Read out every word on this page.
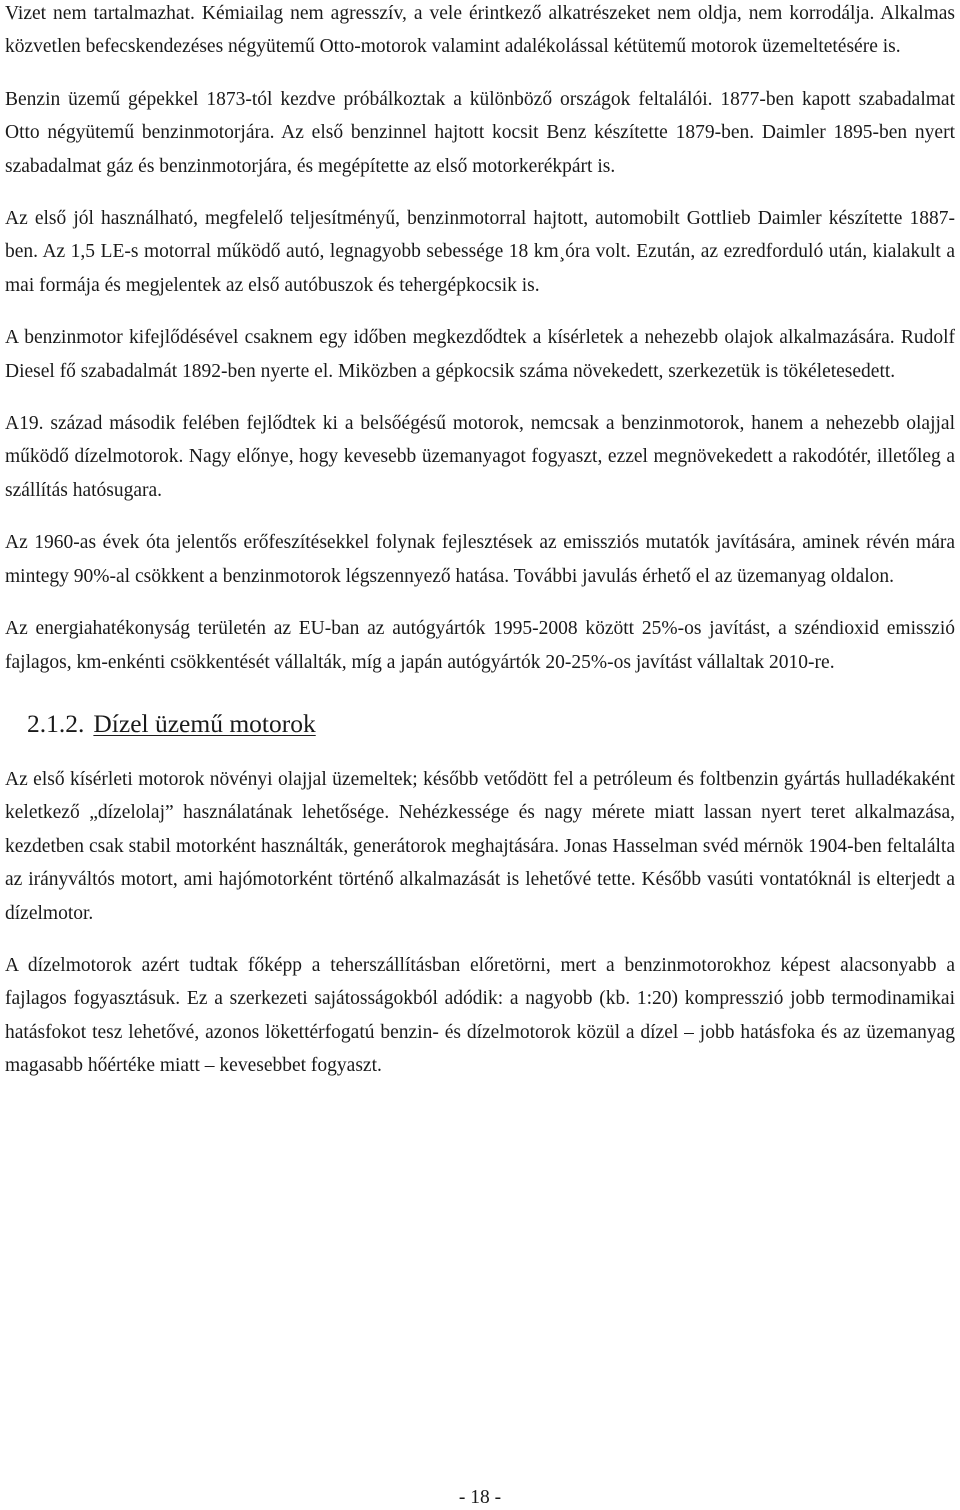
Vizet nem tartalmazhat. Kémiailag nem agresszív, a vele érintkező alkatrészeket nem oldja, nem korrodálja. Alkalmas közvetlen befecskendezéses négyütemű Otto-motorok valamint adalékolással kétütemű motorok üzemeltetésére is.

Benzin üzemű gépekkel 1873-tól kezdve próbálkoztak a különböző országok feltalálói. 1877-ben kapott szabadalmat Otto négyütemű benzinmotorjára. Az első benzinnel hajtott kocsit Benz készítette 1879-ben. Daimler 1895-ben nyert szabadalmat gáz és benzinmotorjára, és megépítette az első motorkerékpárt is.

Az első jól használható, megfelelő teljesítményű, benzinmotorral hajtott, automobilt Gottlieb Daimler készítette 1887-ben. Az 1,5 LE-s motorral működő autó, legnagyobb sebessége 18 km¸óra volt. Ezután, az ezredforduló után, kialakult a mai formája és megjelentek az első autóbuszok és tehergépkocsik is.

A benzinmotor kifejlődésével csaknem egy időben megkezdődtek a kísérletek a nehezebb olajok alkalmazására. Rudolf Diesel fő szabadalmát 1892-ben nyerte el. Miközben a gépkocsik száma növekedett, szerkezetük is tökéletesedett.

A19. század második felében fejlődtek ki a belsőégésű motorok, nemcsak a benzinmotorok, hanem a nehezebb olajjal működő dízelmotorok. Nagy előnye, hogy kevesebb üzemanyagot fogyaszt, ezzel megnövekedett a rakodótér, illetőleg a szállítás hatósugara.

Az 1960-as évek óta jelentős erőfeszítésekkel folynak fejlesztések az emissziós mutatók javítására, aminek révén mára mintegy 90%-al csökkent a benzinmotorok légszennyező hatása. További javulás érhető el az üzemanyag oldalon.

Az energiahatékonyság területén az EU-ban az autógyártók 1995-2008 között 25%-os javítást, a széndioxid emisszió fajlagos, km-enkénti csökkentését vállalták, míg a japán autógyártók 20-25%-os javítást vállaltak 2010-re.

2.1.2. Dízel üzemű motorok

Az első kísérleti motorok növényi olajjal üzemeltek; később vetődött fel a petróleum és foltbenzin gyártás hulladékaként keletkező „dízelolaj” használatának lehetősége. Nehézkessége és nagy mérete miatt lassan nyert teret alkalmazása, kezdetben csak stabil motorként használták, generátorok meghajtására. Jonas Hasselman svéd mérnök 1904-ben feltalálta az irányváltós motort, ami hajómotorként történő alkalmazását is lehetővé tette. Később vasúti vontatóknál is elterjedt a dízelmotor.

A dízelmotorok azért tudtak főképp a teherszállításban előretörni, mert a benzinmotorokhoz képest alacsonyabb a fajlagos fogyasztásuk. Ez a szerkezeti sajátosságokból adódik: a nagyobb (kb. 1:20) kompresszió jobb termodinamikai hatásfokot tesz lehetővé, azonos lökettérfogatú benzin- és dízelmotorok közül a dízel – jobb hatásfoka és az üzemanyag magasabb hőértéke miatt – kevesebbet fogyaszt.

- 18 -
